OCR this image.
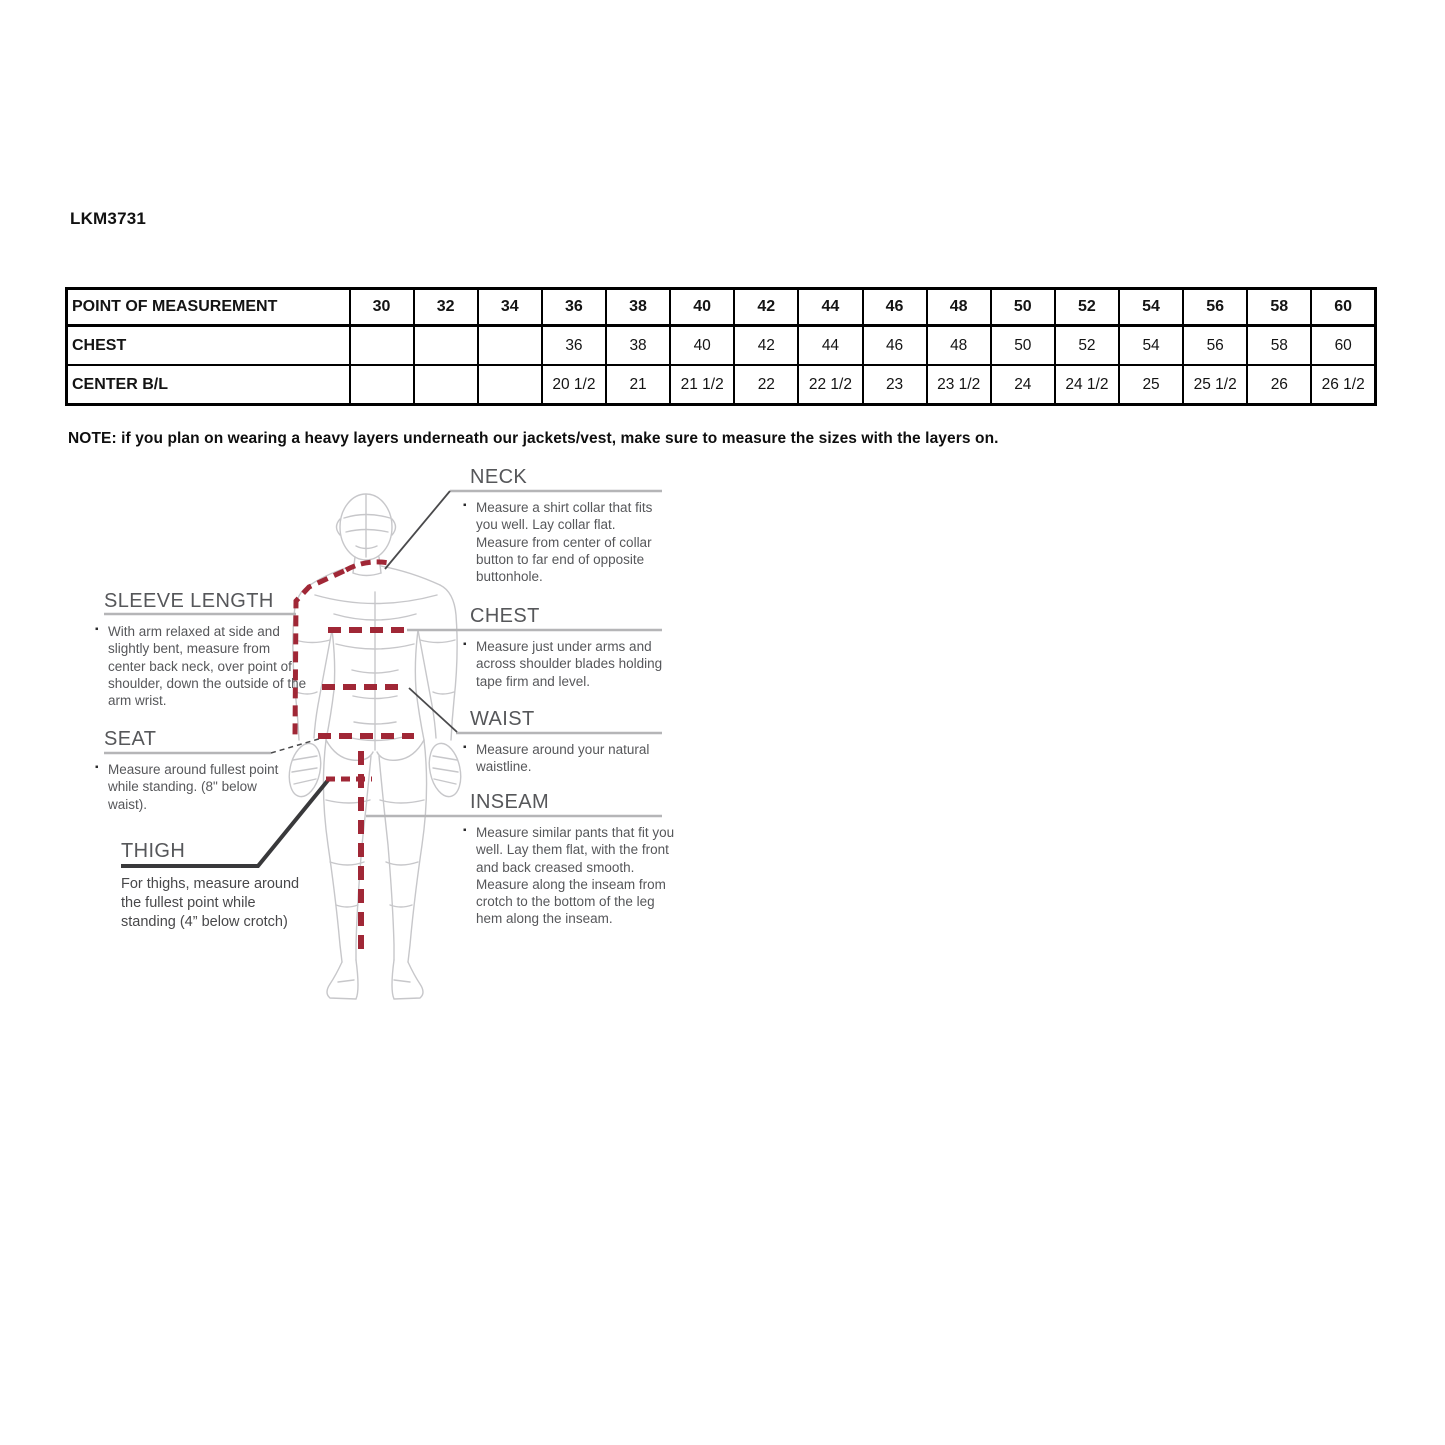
LKM3731
POINT OF MEASUREMENT	30	32	34	36	38	40	42	44	46	48	50	52	54	56	58	60
CHEST				36	38	40	42	44	46	48	50	52	54	56	58	60
CENTER B/L				20 1/2	21	21 1/2	22	22 1/2	23	23 1/2	24	24 1/2	25	25 1/2	26	26 1/2
NOTE: if you plan on wearing a heavy layers underneath our jackets/vest, make sure to measure the sizes with the layers on.
NECK

▪ Measure a shirt collar that fits you well. Lay collar flat. Measure from center of collar button to far end of opposite buttonhole.

CHEST

▪ Measure just under arms and across shoulder blades holding tape firm and level.

WAIST

▪ Measure around your natural waistline.

INSEAM

▪ Measure similar pants that fit you well. Lay them flat, with the front and back creased smooth. Measure along the inseam from crotch to the bottom of the leg hem along the inseam.

SLEEVE LENGTH

▪ With arm relaxed at side and slightly bent, measure from center back neck, over point of shoulder, down the outside of the arm wrist.

SEAT

▪ Measure around fullest point while standing. (8" below waist).

THIGH

For thighs, measure around the fullest point while standing (4” below crotch)
